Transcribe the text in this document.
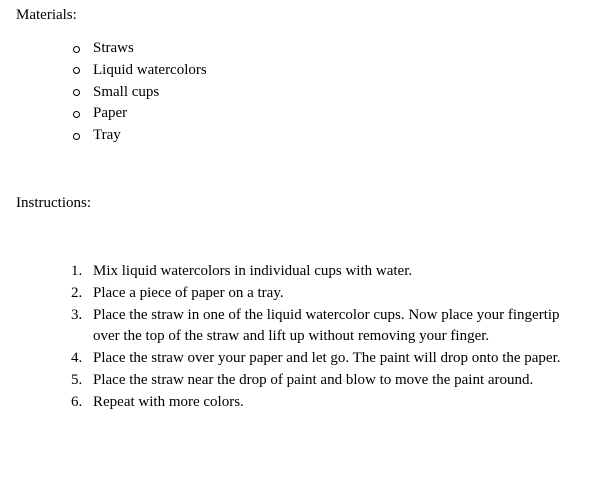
Materials:

Straws
Liquid watercolors
Small cups
Paper
Tray

Instructions:

1. Mix liquid watercolors in individual cups with water.
2. Place a piece of paper on a tray.
3. Place the straw in one of the liquid watercolor cups. Now place your fingertip over the top of the straw and lift up without removing your finger.
4. Place the straw over your paper and let go. The paint will drop onto the paper.
5. Place the straw near the drop of paint and blow to move the paint around.
6. Repeat with more colors.
